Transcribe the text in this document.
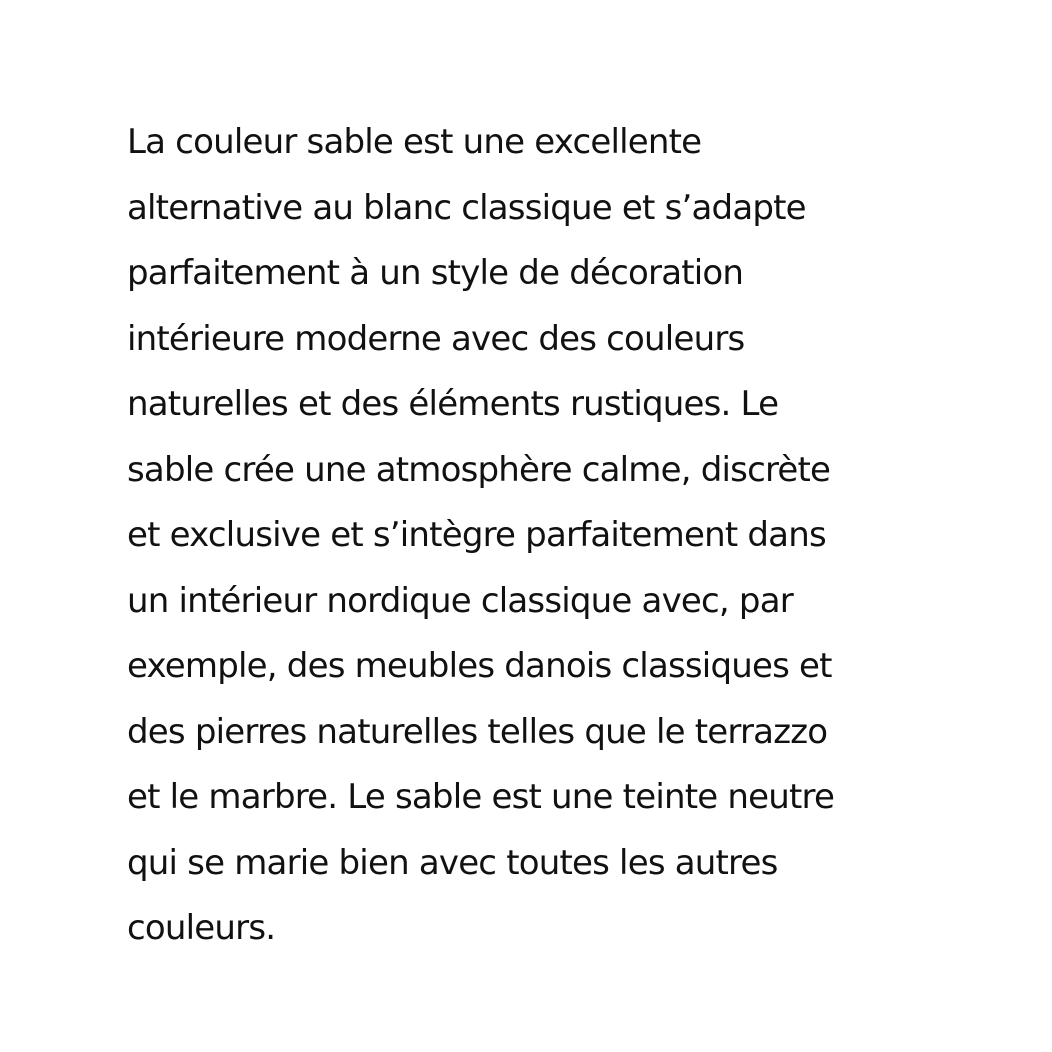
La couleur sable est une excellente
alternative au blanc classique et s’adapte
parfaitement à un style de décoration
intérieure moderne avec des couleurs
naturelles et des éléments rustiques. Le
sable crée une atmosphère calme, discrète
et exclusive et s’intègre parfaitement dans
un intérieur nordique classique avec, par
exemple, des meubles danois classiques et
des pierres naturelles telles que le terrazzo
et le marbre. Le sable est une teinte neutre
qui se marie bien avec toutes les autres
couleurs.
